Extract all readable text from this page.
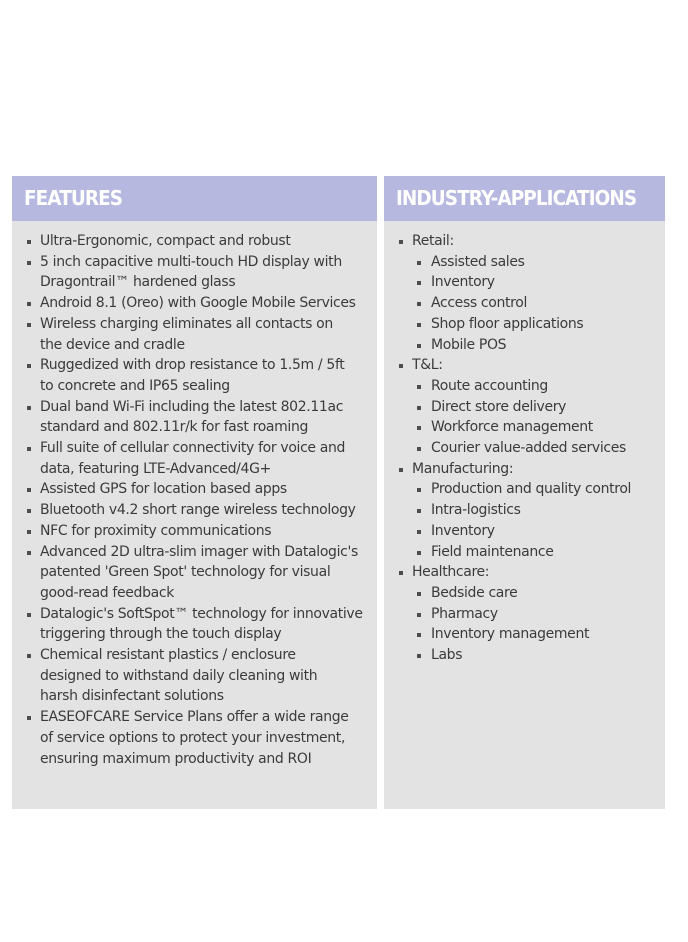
FEATURES
Ultra-Ergonomic, compact and robust
5 inch capacitive multi-touch HD display with
Dragontrail™ hardened glass
Android 8.1 (Oreo) with Google Mobile Services
Wireless charging eliminates all contacts on
the device and cradle
Ruggedized with drop resistance to 1.5m / 5ft
to concrete and IP65 sealing
Dual band Wi-Fi including the latest 802.11ac
standard and 802.11r/k for fast roaming
Full suite of cellular connectivity for voice and
data, featuring LTE-Advanced/4G+
Assisted GPS for location based apps
Bluetooth v4.2 short range wireless technology
NFC for proximity communications
Advanced 2D ultra-slim imager with Datalogic's
patented 'Green Spot' technology for visual
good-read feedback
Datalogic's SoftSpot™ technology for innovative
triggering through the touch display
Chemical resistant plastics / enclosure
designed to withstand daily cleaning with
harsh disinfectant solutions
EASEOFCARE Service Plans offer a wide range
of service options to protect your investment,
ensuring maximum productivity and ROI
INDUSTRY-APPLICATIONS
Retail:
Assisted sales
Inventory
Access control
Shop floor applications
Mobile POS
T&L:
Route accounting
Direct store delivery
Workforce management
Courier value-added services
Manufacturing:
Production and quality control
Intra-logistics
Inventory
Field maintenance
Healthcare:
Bedside care
Pharmacy
Inventory management
Labs
